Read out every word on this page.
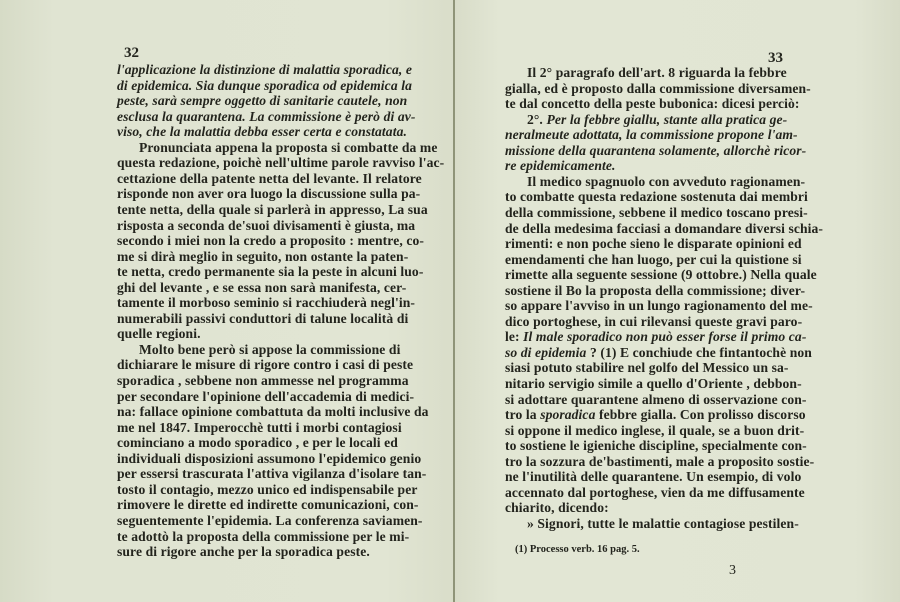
32
l'applicazione la distinzione di malattia sporadica, e
di epidemica. Sia dunque sporadica od epidemica la
peste, sarà sempre oggetto di sanitarie cautele, non
esclusa la quarantena. La commissione è però di av-
viso, che la malattia debba esser certa e constatata.
Pronunciata appena la proposta si combatte da me
questa redazione, poichè nell'ultime parole ravviso l'ac-
cettazione della patente netta del levante. Il relatore
risponde non aver ora luogo la discussione sulla pa-
tente netta, della quale si parlerà in appresso, La sua
risposta a seconda de'suoi divisamenti è giusta, ma
secondo i miei non la credo a proposito : mentre, co-
me si dirà meglio in seguito, non ostante la paten-
te netta, credo permanente sia la peste in alcuni luo-
ghi del levante , e se essa non sarà manifesta, cer-
tamente il morboso seminio si racchiuderà negl'in-
numerabili passivi conduttori di talune località di
quelle regioni.
Molto bene però si appose la commissione di
dichiarare le misure di rigore contro i casi di peste
sporadica , sebbene non ammesse nel programma
per secondare l'opinione dell'accademia di medici-
na: fallace opinione combattuta da molti inclusive da
me nel 1847. Imperocchè tutti i morbi contagiosi
cominciano a modo sporadico , e per le locali ed
individuali disposizioni assumono l'epidemico genio
per essersi trascurata l'attiva vigilanza d'isolare tan-
tosto il contagio, mezzo unico ed indispensabile per
rimovere le dirette ed indirette comunicazioni, con-
seguentemente l'epidemia. La conferenza saviamen-
te adottò la proposta della commissione per le mi-
sure di rigore anche per la sporadica peste.
33
Il 2° paragrafo dell'art. 8 riguarda la febbre
gialla, ed è proposto dalla commissione diversamen-
te dal concetto della peste bubonica: dicesi perciò:
2°. Per la febbre giallu, stante alla pratica ge-
neralmeute adottata, la commissione propone l'am-
missione della quarantena solamente, allorchè ricor-
re epidemicamente.
Il medico spagnuolo con avveduto ragionamen-
to combatte questa redazione sostenuta dai membri
della commissione, sebbene il medico toscano presi-
de della medesima facciasi a domandare diversi schia-
rimenti: e non poche sieno le disparate opinioni ed
emendamenti che han luogo, per cui la quistione si
rimette alla seguente sessione (9 ottobre.) Nella quale
sostiene il Bo la proposta della commissione; diver-
so appare l'avviso in un lungo ragionamento del me-
dico portoghese, in cui rilevansi queste gravi paro-
le: Il male sporadico non può esser forse il primo ca-
so di epidemia ? (1) E conchiude che fintantochè non
siasi potuto stabilire nel golfo del Messico un sa-
nitario servigio simile a quello d'Oriente , debbon-
si adottare quarantene almeno di osservazione con-
tro la sporadica febbre gialla. Con prolisso discorso
si oppone il medico inglese, il quale, se a buon drit-
to sostiene le igieniche discipline, specialmente con-
tro la sozzura de'bastimenti, male a proposito sostie-
ne l'inutilità delle quarantene. Un esempio, di volo
accennato dal portoghese, vien da me diffusamente
chiarito, dicendo:
» Signori, tutte le malattie contagiose pestilen-
(1) Processo verb. 16 pag. 5.
3
